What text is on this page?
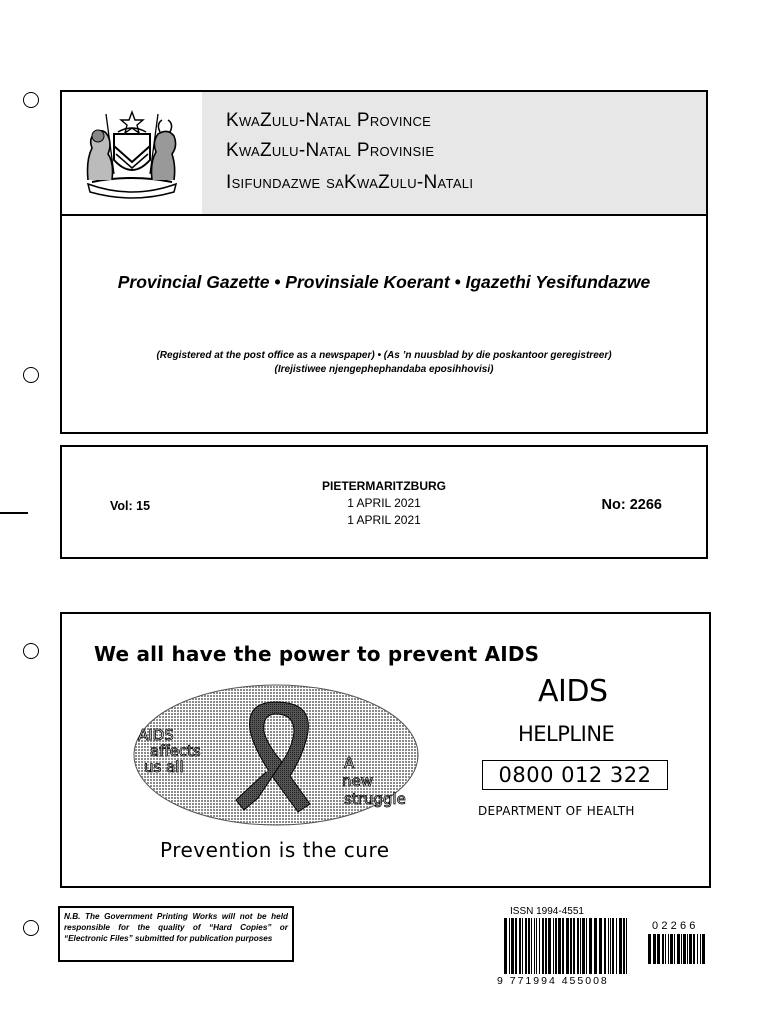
KwaZulu-Natal Province
KwaZulu-Natal Provinsie
Isifundazwe saKwaZulu-Natali
Provincial Gazette • Provinsiale Koerant • Igazethi Yesifundazwe
(Registered at the post office as a newspaper) • (As ’n nuusblad by die poskantoor geregistreer)
(Irejistiwee njengephephandaba eposihhovisi)
Vol: 15
PIETERMARITZBURG
1 APRIL 2021
1 APRIL 2021
No: 2266
We all have the power to prevent AIDS
AIDS
affects
us all	A
new
struggle
Prevention is the cure
AIDS
HELPLINE
0800 012 322
DEPARTMENT OF HEALTH
N.B. The Government Printing Works will not be held responsible for the quality of “Hard Copies” or “Electronic Files” submitted for publication purposes
ISSN 1994-4551
9 771994 455008
02266
